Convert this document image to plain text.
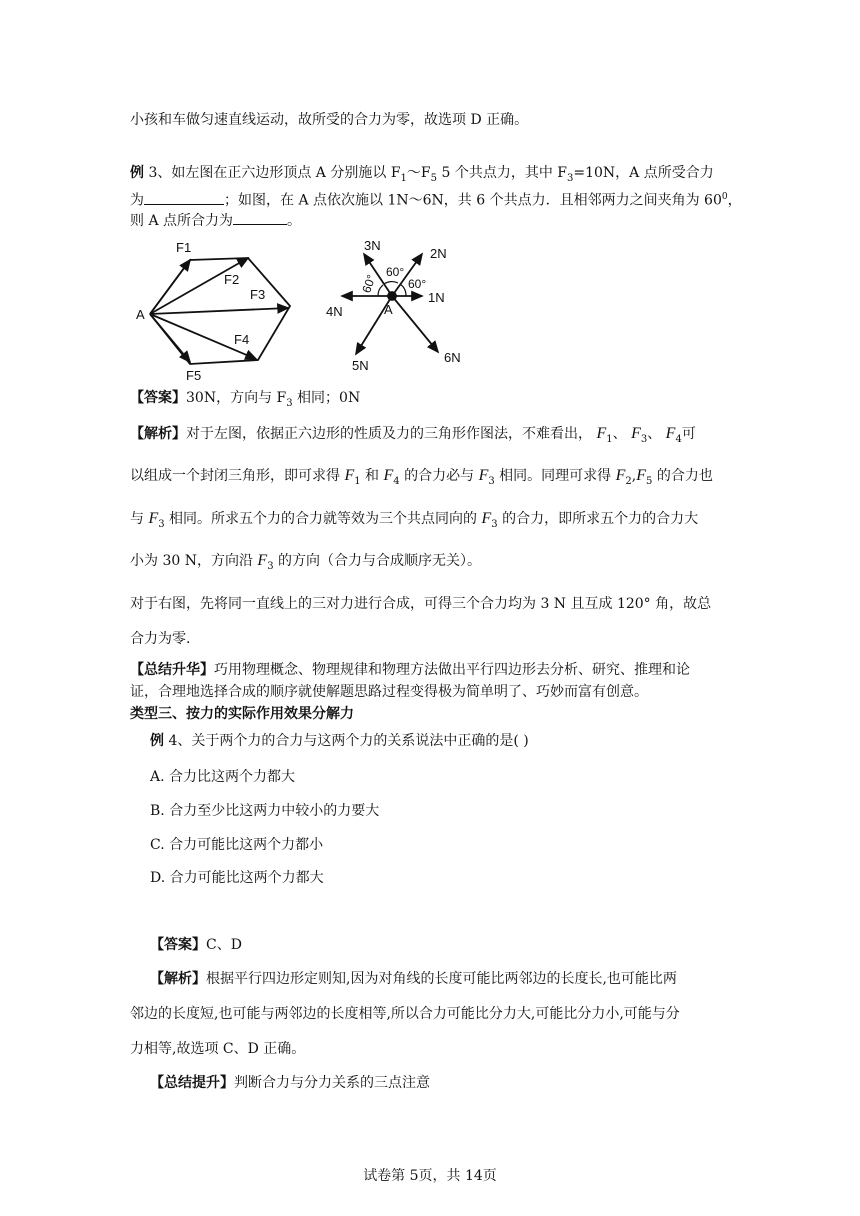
小孩和车做匀速直线运动，故所受的合力为零，故选项 D 正确。
例 3、如左图在正六边形顶点 A 分别施以 $F_1\sim F_5$ 5 个共点力，其中 $F_3=10N$，A 点所受合力
为	；如图，在 A 点依次施以 1N～6N，共 6 个共点力．且相邻两力之间夹角为 $60^0$，
则 A 点所合力为	。
A
F1
F2
F3
F4
F5
3N
2N
1N
4N
5N
6N
A
60°
60°
60°
【答案】30N，方向与 $F_3$ 相同；0N
【解析】对于左图，依据正六边形的性质及力的三角形作图法，不难看出， $F_1$、 $F_3$、 $F_4$可
以组成一个封闭三角形，即可求得 $F_1$ 和 $F_4$ 的合力必与 $F_3$ 相同。同理可求得 $F_2,F_5$ 的合力也
与 $F_3$ 相同。所求五个力的合力就等效为三个共点同向的 $F_3$ 的合力，即所求五个力的合力大
小为 30 N，方向沿 $F_3$ 的方向（合力与合成顺序无关）。
对于右图，先将同一直线上的三对力进行合成，可得三个合力均为 3 N 且互成 120° 角，故总
合力为零.
【总结升华】巧用物理概念、物理规律和物理方法做出平行四边形去分析、研究、推理和论
证，合理地选择合成的顺序就使解题思路过程变得极为简单明了、巧妙而富有创意。
类型三、按力的实际作用效果分解力
例 4、关于两个力的合力与这两个力的关系说法中正确的是( )
A. 合力比这两个力都大
B. 合力至少比这两力中较小的力要大
C. 合力可能比这两个力都小
D. 合力可能比这两个力都大
【答案】C、D
【解析】根据平行四边形定则知,因为对角线的长度可能比两邻边的长度长,也可能比两
邻边的长度短,也可能与两邻边的长度相等,所以合力可能比分力大,可能比分力小,可能与分
力相等,故选项 C、D 正确。
【总结提升】判断合力与分力关系的三点注意
试卷第 5页，共 14页
